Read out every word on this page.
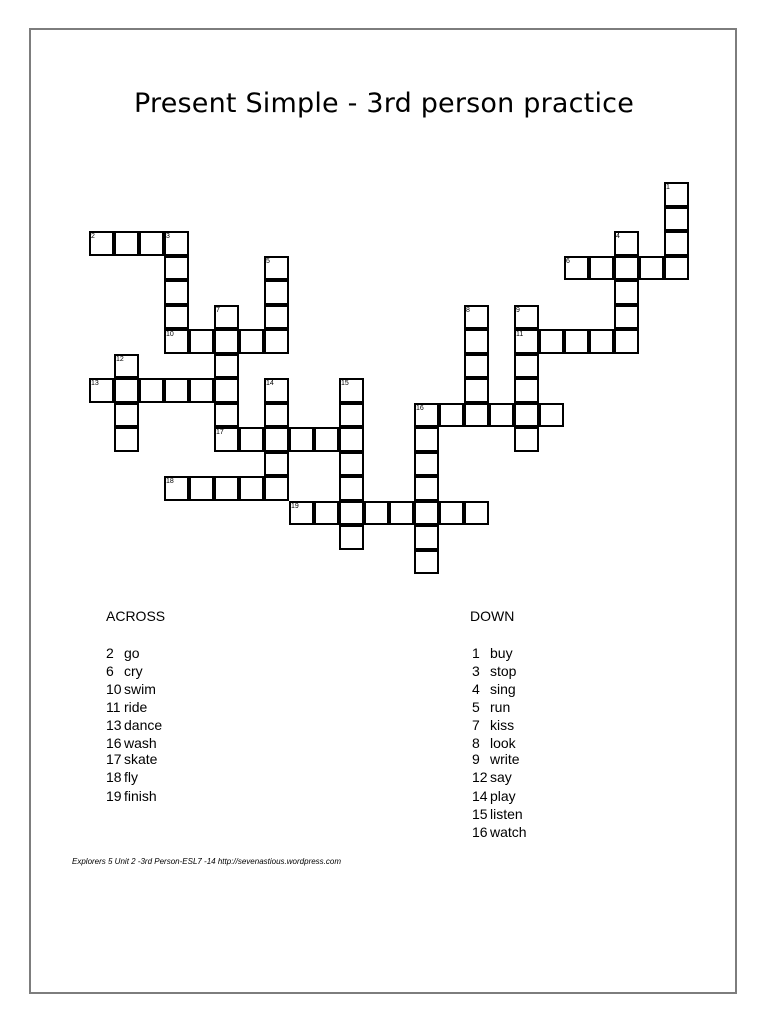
Present Simple - 3rd person practice
2	3
6
10	11
13
16
17
18
19
1
4
5
7	8	9
12
14	15
ACROSS
2 go
6 cry
10 swim
11 ride
13 dance
16 wash
17 skate
18 fly
19 finish
DOWN
1 buy
3 stop
4 sing
5 run
7 kiss
8 look
9 write
12 say
14 play
15 listen
16 watch
Explorers 5 Unit 2 -3rd Person-ESL7 -14 http://sevenastious.wordpress.com
